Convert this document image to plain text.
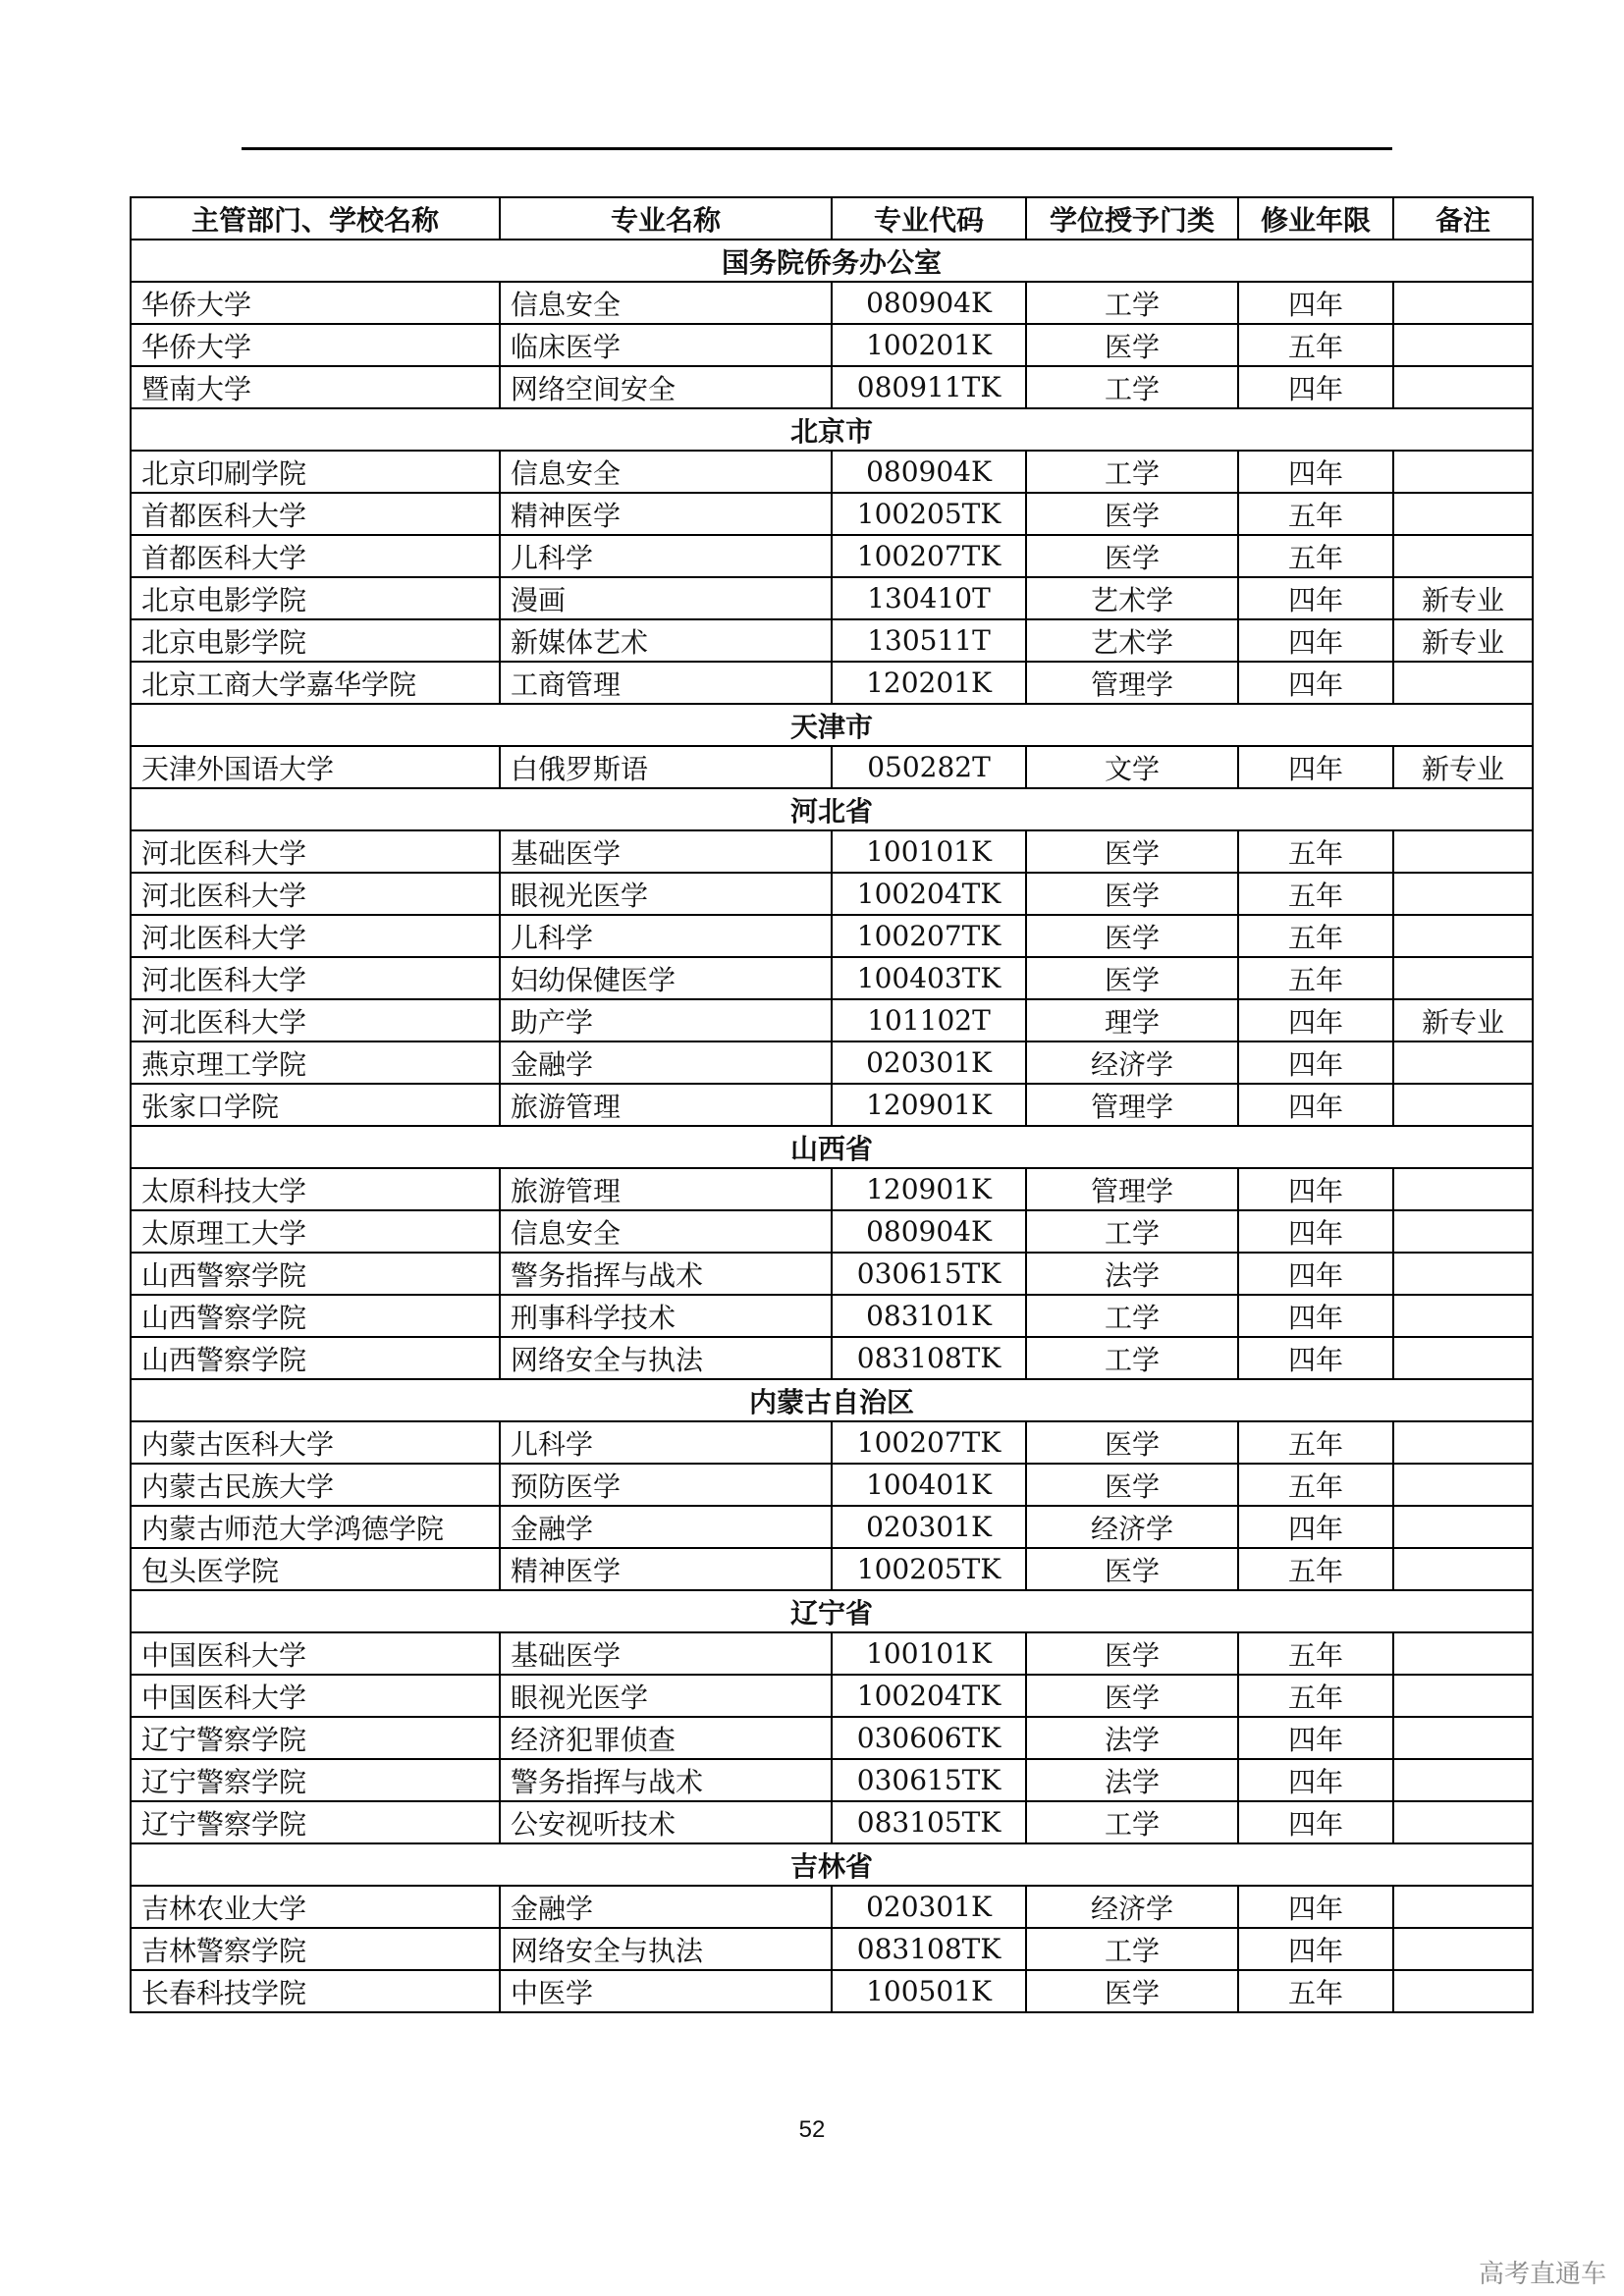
主管部门、学校名称	专业名称	专业代码	学位授予门类	修业年限	备注
国务院侨务办公室					
华侨大学	信息安全	080904K	工学	四年	
华侨大学	临床医学	100201K	医学	五年	
暨南大学	网络空间安全	080911TK	工学	四年	
北京市					
北京印刷学院	信息安全	080904K	工学	四年	
首都医科大学	精神医学	100205TK	医学	五年	
首都医科大学	儿科学	100207TK	医学	五年	
北京电影学院	漫画	130410T	艺术学	四年	新专业
北京电影学院	新媒体艺术	130511T	艺术学	四年	新专业
北京工商大学嘉华学院	工商管理	120201K	管理学	四年	
天津市					
天津外国语大学	白俄罗斯语	050282T	文学	四年	新专业
河北省					
河北医科大学	基础医学	100101K	医学	五年	
河北医科大学	眼视光医学	100204TK	医学	五年	
河北医科大学	儿科学	100207TK	医学	五年	
河北医科大学	妇幼保健医学	100403TK	医学	五年	
河北医科大学	助产学	101102T	理学	四年	新专业
燕京理工学院	金融学	020301K	经济学	四年	
张家口学院	旅游管理	120901K	管理学	四年	
山西省					
太原科技大学	旅游管理	120901K	管理学	四年	
太原理工大学	信息安全	080904K	工学	四年	
山西警察学院	警务指挥与战术	030615TK	法学	四年	
山西警察学院	刑事科学技术	083101K	工学	四年	
山西警察学院	网络安全与执法	083108TK	工学	四年	
内蒙古自治区					
内蒙古医科大学	儿科学	100207TK	医学	五年	
内蒙古民族大学	预防医学	100401K	医学	五年	
内蒙古师范大学鸿德学院	金融学	020301K	经济学	四年	
包头医学院	精神医学	100205TK	医学	五年	
辽宁省					
中国医科大学	基础医学	100101K	医学	五年	
中国医科大学	眼视光医学	100204TK	医学	五年	
辽宁警察学院	经济犯罪侦查	030606TK	法学	四年	
辽宁警察学院	警务指挥与战术	030615TK	法学	四年	
辽宁警察学院	公安视听技术	083105TK	工学	四年	
吉林省					
吉林农业大学	金融学	020301K	经济学	四年	
吉林警察学院	网络安全与执法	083108TK	工学	四年	
长春科技学院	中医学	100501K	医学	五年	
52
高考直通车
